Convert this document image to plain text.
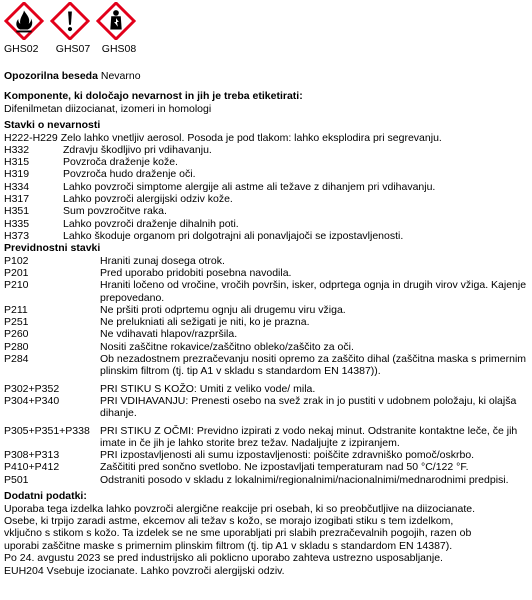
GHS02	GHS07	GHS08
Opozorilna beseda Nevarno
Komponente, ki določajo nevarnost in jih je treba etiketirati:
Difenilmetan diizocianat, izomeri in homologi
Stavki o nevarnosti
H222-H229 Zelo lahko vnetljiv aerosol. Posoda je pod tlakom: lahko eksplodira pri segrevanju.
H332	Zdravju škodljivo pri vdihavanju.
H315	Povzroča draženje kože.
H319	Povzroča hudo draženje oči.
H334	Lahko povzroči simptome alergije ali astme ali težave z dihanjem pri vdihavanju.
H317	Lahko povzroči alergijski odziv kože.
H351	Sum povzročitve raka.
H335	Lahko povzroči draženje dihalnih poti.
H373	Lahko škoduje organom pri dolgotrajni ali ponavljajoči se izpostavljenosti.
Previdnostni stavki
P102	Hraniti zunaj dosega otrok.
P201	Pred uporabo pridobiti posebna navodila.
P210	Hraniti ločeno od vročine, vročih površin, isker, odprtega ognja in drugih virov vžiga. Kajenje prepovedano.
P211	Ne pršiti proti odprtemu ognju ali drugemu viru vžiga.
P251	Ne prelukniati ali sežigati je niti, ko je prazna.
P260	Ne vdihavati hlapov/razpršila.
P280	Nositi zaščitne rokavice/zaščitno obleko/zaščito za oči.
P284	Ob nezadostnem prezračevanju nositi opremo za zaščito dihal (zaščitna maska s primernim plinskim filtrom (tj. tip A1 v skladu s standardom EN 14387)).
P302+P352	PRI STIKU S KOŽO: Umiti z veliko vode/ mila.
P304+P340	PRI VDIHAVANJU: Prenesti osebo na svež zrak in jo pustiti v udobnem položaju, ki olajša dihanje.
P305+P351+P338 PRI STIKU Z OČMI: Previdno izpirati z vodo nekaj minut. Odstranite kontaktne leče, če jih imate in če jih je lahko storite brez težav. Nadaljujte z izpiranjem.
P308+P313	PRI izpostavljenosti ali sumu izpostavljenosti: poiščite zdravniško pomoč/oskrbo.
P410+P412	Zaščititi pred sončno svetlobo. Ne izpostavljati temperaturam nad 50 °C/122 °F.
P501	Odstraniti posodo v skladu z lokalnimi/regionalnimi/nacionalnimi/mednarodnimi predpisi.
Dodatni podatki:
Uporaba tega izdelka lahko povzroči alergične reakcije pri osebah, ki so preobčutljive na diizocianate.
Osebe, ki trpijo zaradi astme, ekcemov ali težav s kožo, se morajo izogibati stiku s tem izdelkom,
vključno s stikom s kožo. Ta izdelek se ne sme uporabljati pri slabih prezračevalnih pogojih, razen ob
uporabi zaščitne maske s primernim plinskim filtrom (tj. tip A1 v skladu s standardom EN 14387).
Po 24. avgustu 2023 se pred industrijsko ali poklicno uporabo zahteva ustrezno usposabljanje.
EUH204 Vsebuje izocianate. Lahko povzroči alergijski odziv.
